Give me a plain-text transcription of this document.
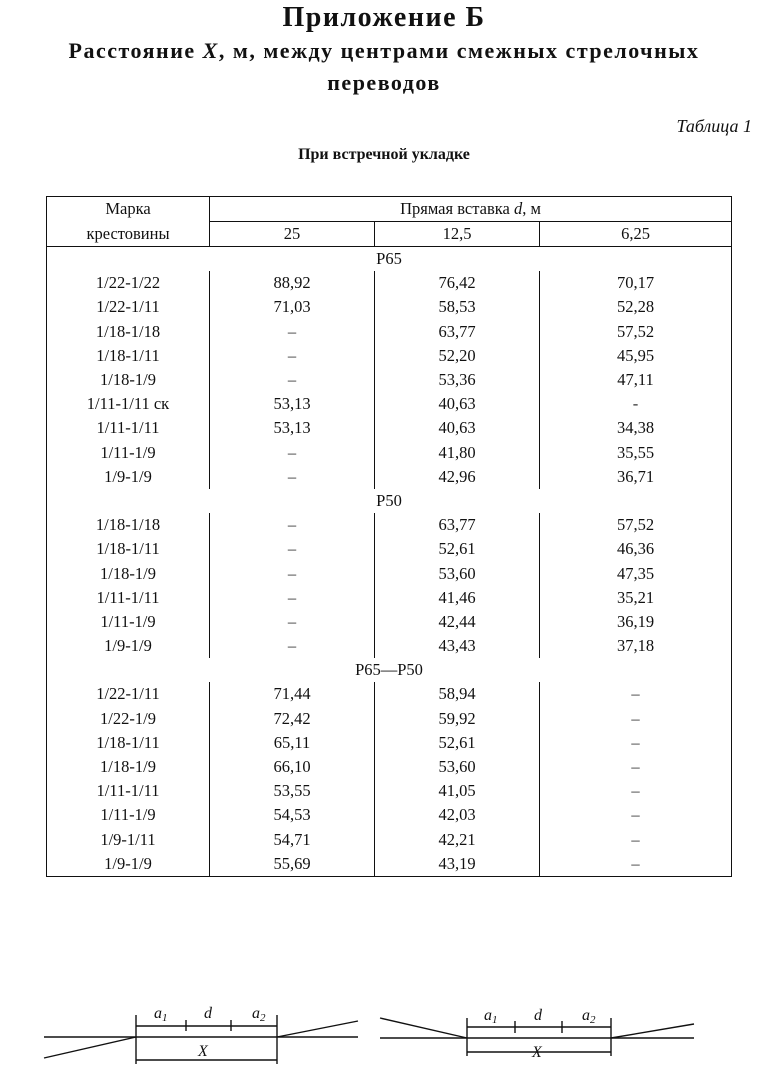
Приложение Б
Расстояние X, м, между центрами смежных стрелочных
переводов
Таблица 1
При встречной укладке
Марка	Прямая вставка d, м		
крестовины	25	12,5	6,25
Р65			
1/22-1/22	88,92	76,42	70,17
1/22-1/11	71,03	58,53	52,28
1/18-1/18	–	63,77	57,52
1/18-1/11	–	52,20	45,95
1/18-1/9	–	53,36	47,11
1/11-1/11 ск	53,13	40,63	-
1/11-1/11	53,13	40,63	34,38
1/11-1/9	–	41,80	35,55
1/9-1/9	–	42,96	36,71
Р50			
1/18-1/18	–	63,77	57,52
1/18-1/11	–	52,61	46,36
1/18-1/9	–	53,60	47,35
1/11-1/11	–	41,46	35,21
1/11-1/9	–	42,44	36,19
1/9-1/9	–	43,43	37,18
Р65—Р50			
1/22-1/11	71,44	58,94	–
1/22-1/9	72,42	59,92	–
1/18-1/11	65,11	52,61	–
1/18-1/9	66,10	53,60	–
1/11-1/11	53,55	41,05	–
1/11-1/9	54,53	42,03	–
1/9-1/11	54,71	42,21	–
1/9-1/9	55,69	43,19	–
a1 d	a2
X
a1 d	a2
X
